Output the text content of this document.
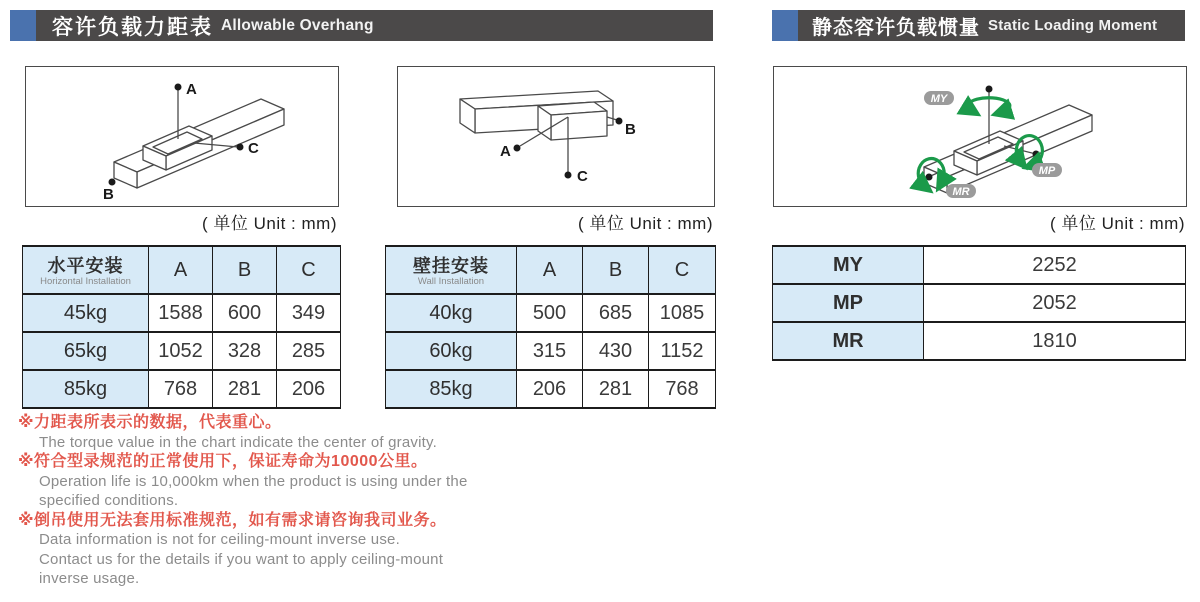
容许负载力距表 Allowable Overhang	静态容许负载惯量 Static Loading Moment
A
C
B
( 单位 Unit : mm)
A
B
C
( 单位 Unit : mm)
MY
MP
MR
( 单位 Unit : mm)
水平安装
Horizontal Installation	A	B	C
45kg	1588	600	349
65kg	1052	328	285
85kg	768	281	206
壁挂安装
Wall Installation	A	B	C
40kg	500	685	1085
60kg	315	430	1152
85kg	206	281	768
MY	2252
MP	2052
MR	1810
※力距表所表示的数据，代表重心。
The torque value in the chart indicate the center of gravity.
※符合型录规范的正常使用下，保证寿命为10000公里。
Operation life is 10,000km when the product is using under the
specified conditions.
※倒吊使用无法套用标准规范，如有需求请咨询我司业务。
Data information is not for ceiling-mount inverse use.
Contact us for the details if you want to apply ceiling-mount
inverse usage.
